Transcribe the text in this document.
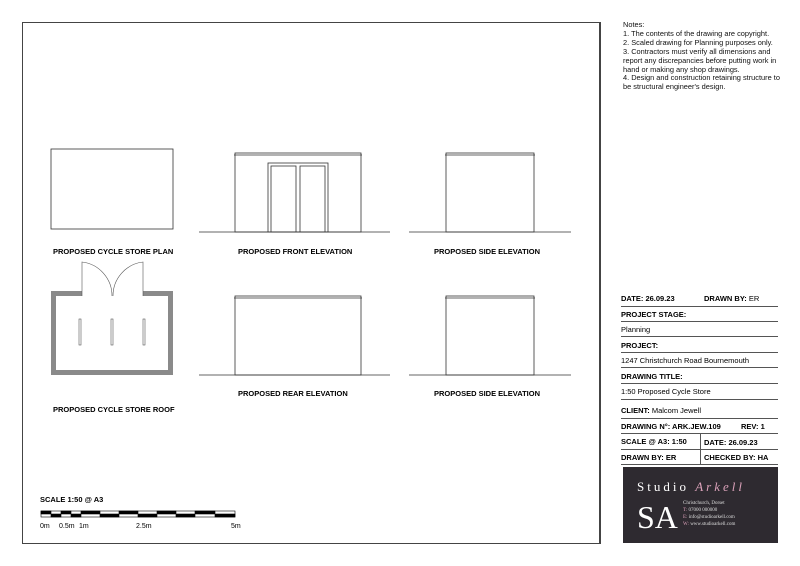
PROPOSED CYCLE STORE PLAN	PROPOSED FRONT ELEVATION	PROPOSED SIDE ELEVATION
PROPOSED CYCLE STORE ROOF
PROPOSED REAR ELEVATION	PROPOSED SIDE ELEVATION
SCALE 1:50 @ A3
0m 0.5m 1m	2.5m	5m
Notes:
1. The contents of the drawing are copyright.
2. Scaled drawing for Planning purposes only.
3. Contractors must verify all dimensions and report any discrepancies before putting work in hand or making any shop drawings.
4. Design and construction retaining structure to be structural engineer's design.
DATE: 26.09.23	DRAWN BY: ER
PROJECT STAGE:
Planning
PROJECT:
1247 Christchurch Road Bournemouth
DRAWING TITLE:
1:50 Proposed Cycle Store
CLIENT: Malcom Jewell
DRAWING N°: ARK.JEW.109	REV: 1
SCALE @ A3: 1:50	DATE: 26.09.23
DRAWN BY: ER	CHECKED BY: HA
Studio Arkell
SA Christchurch, Dorset
T: 07000 000000
E: info@studioarkell.com
W: www.studioarkell.com
